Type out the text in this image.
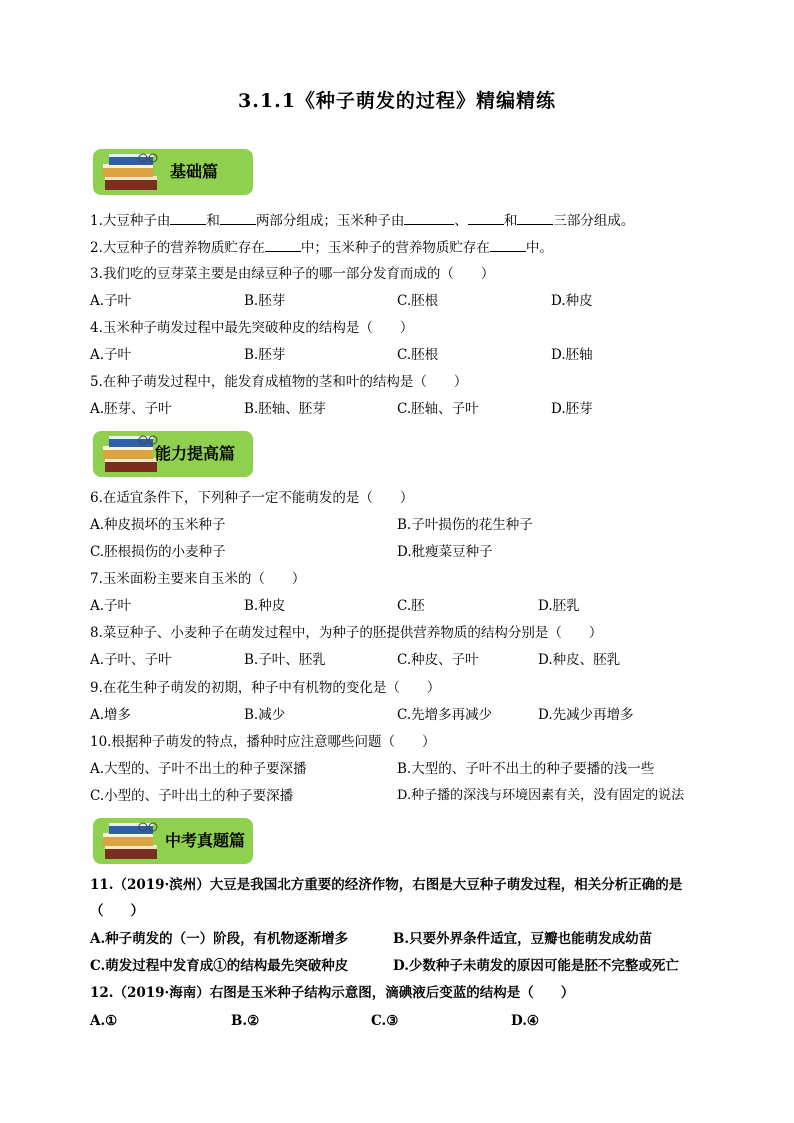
3.1.1《种子萌发的过程》精编精练
基础篇
1.大豆种子由	和	两部分组成；玉米种子由	、	和	三部分组成。
2.大豆种子的营养物质贮存在	中；玉米种子的营养物质贮存在	中。
3.我们吃的豆芽菜主要是由绿豆种子的哪一部分发育而成的（　　）
A.子叶	B.胚芽	C.胚根	D.种皮
4.玉米种子萌发过程中最先突破种皮的结构是（　　）
A.子叶	B.胚芽	C.胚根	D.胚轴
5.在种子萌发过程中，能发育成植物的茎和叶的结构是（　　）
A.胚芽、子叶	B.胚轴、胚芽	C.胚轴、子叶	D.胚芽
能力提高篇
6.在适宜条件下，下列种子一定不能萌发的是（　　）
A.种皮损坏的玉米种子	B.子叶损伤的花生种子
C.胚根损伤的小麦种子	D.秕瘦菜豆种子
7.玉米面粉主要来自玉米的（　　）
A.子叶	B.种皮	C.胚	D.胚乳
8.菜豆种子、小麦种子在萌发过程中，为种子的胚提供营养物质的结构分别是（　　）
A.子叶、子叶	B.子叶、胚乳	C.种皮、子叶	D.种皮、胚乳
9.在花生种子萌发的初期，种子中有机物的变化是（　　）
A.增多	B.减少	C.先增多再减少	D.先减少再增多
10.根据种子萌发的特点，播种时应注意哪些问题（　　）
A.大型的、子叶不出土的种子要深播	B.大型的、子叶不出土的种子要播的浅一些
C.小型的、子叶出土的种子要深播	D.种子播的深浅与环境因素有关，没有固定的说法
中考真题篇
11.（2019·滨州）大豆是我国北方重要的经济作物，右图是大豆种子萌发过程，相关分析正确的是
（　　）
A.种子萌发的（一）阶段，有机物逐渐增多	B.只要外界条件适宜，豆瓣也能萌发成幼苗
C.萌发过程中发育成①的结构最先突破种皮	D.少数种子未萌发的原因可能是胚不完整或死亡
12.（2019·海南）右图是玉米种子结构示意图，滴碘液后变蓝的结构是（　　）
A.①	B.②	C.③	D.④
